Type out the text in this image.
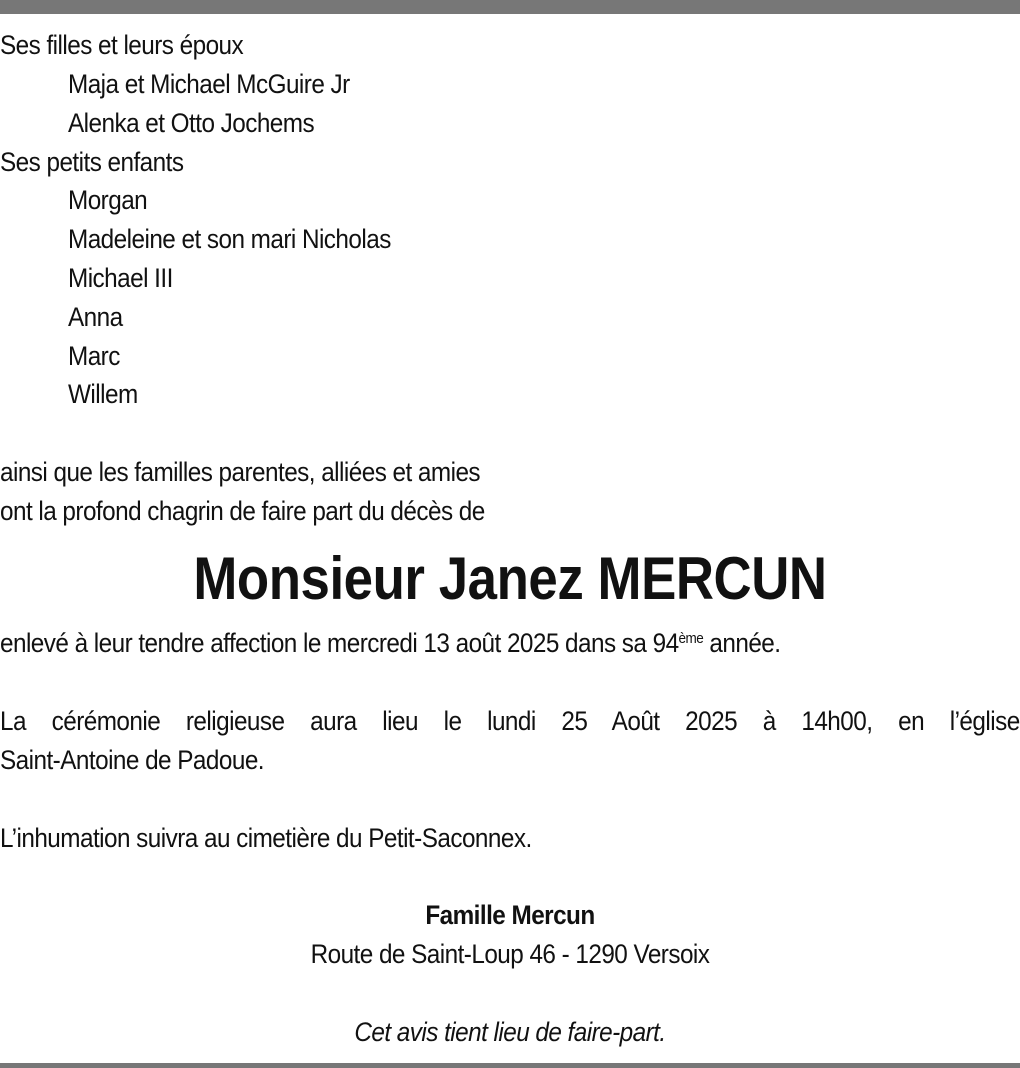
Ses filles et leurs époux
Maja et Michael McGuire Jr
Alenka et Otto Jochems
Ses petits enfants
Morgan
Madeleine et son mari Nicholas
Michael III
Anna
Marc
Willem
ainsi que les familles parentes, alliées et amies
ont la profond chagrin de faire part du décès de
Monsieur Janez MERCUN
enlevé à leur tendre affection le mercredi 13 août 2025 dans sa 94ème année.
La cérémonie religieuse aura lieu le lundi 25 Août 2025 à 14h00, en l’église
Saint-Antoine de Padoue.
L’inhumation suivra au cimetière du Petit-Saconnex.
Famille Mercun
Route de Saint-Loup 46 - 1290 Versoix
Cet avis tient lieu de faire-part.
